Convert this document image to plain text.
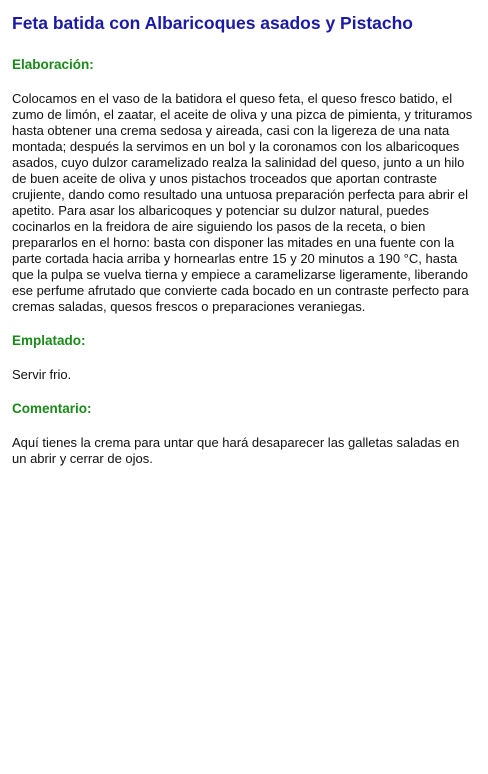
Feta batida con Albaricoques asados y Pistacho
Elaboración:

Colocamos en el vaso de la batidora el queso feta, el queso fresco batido, el zumo de limón, el zaatar, el aceite de oliva y una pizca de pimienta, y trituramos hasta obtener una crema sedosa y aireada, casi con la ligereza de una nata montada; después la servimos en un bol y la coronamos con los albaricoques asados, cuyo dulzor caramelizado realza la salinidad del queso, junto a un hilo de buen aceite de oliva y unos pistachos troceados que aportan contraste crujiente, dando como resultado una untuosa preparación perfecta para abrir el apetito. Para asar los albaricoques y potenciar su dulzor natural, puedes cocinarlos en la freidora de aire siguiendo los pasos de la receta, o bien prepararlos en el horno: basta con disponer las mitades en una fuente con la parte cortada hacia arriba y hornearlas entre 15 y 20 minutos a 190 °C, hasta que la pulpa se vuelva tierna y empiece a caramelizarse ligeramente, liberando ese perfume afrutado que convierte cada bocado en un contraste perfecto para cremas saladas, quesos frescos o preparaciones veraniegas.

Emplatado:

Servir frio.

Comentario:

Aquí tienes la crema para untar que hará desaparecer las galletas saladas en un abrir y cerrar de ojos.
